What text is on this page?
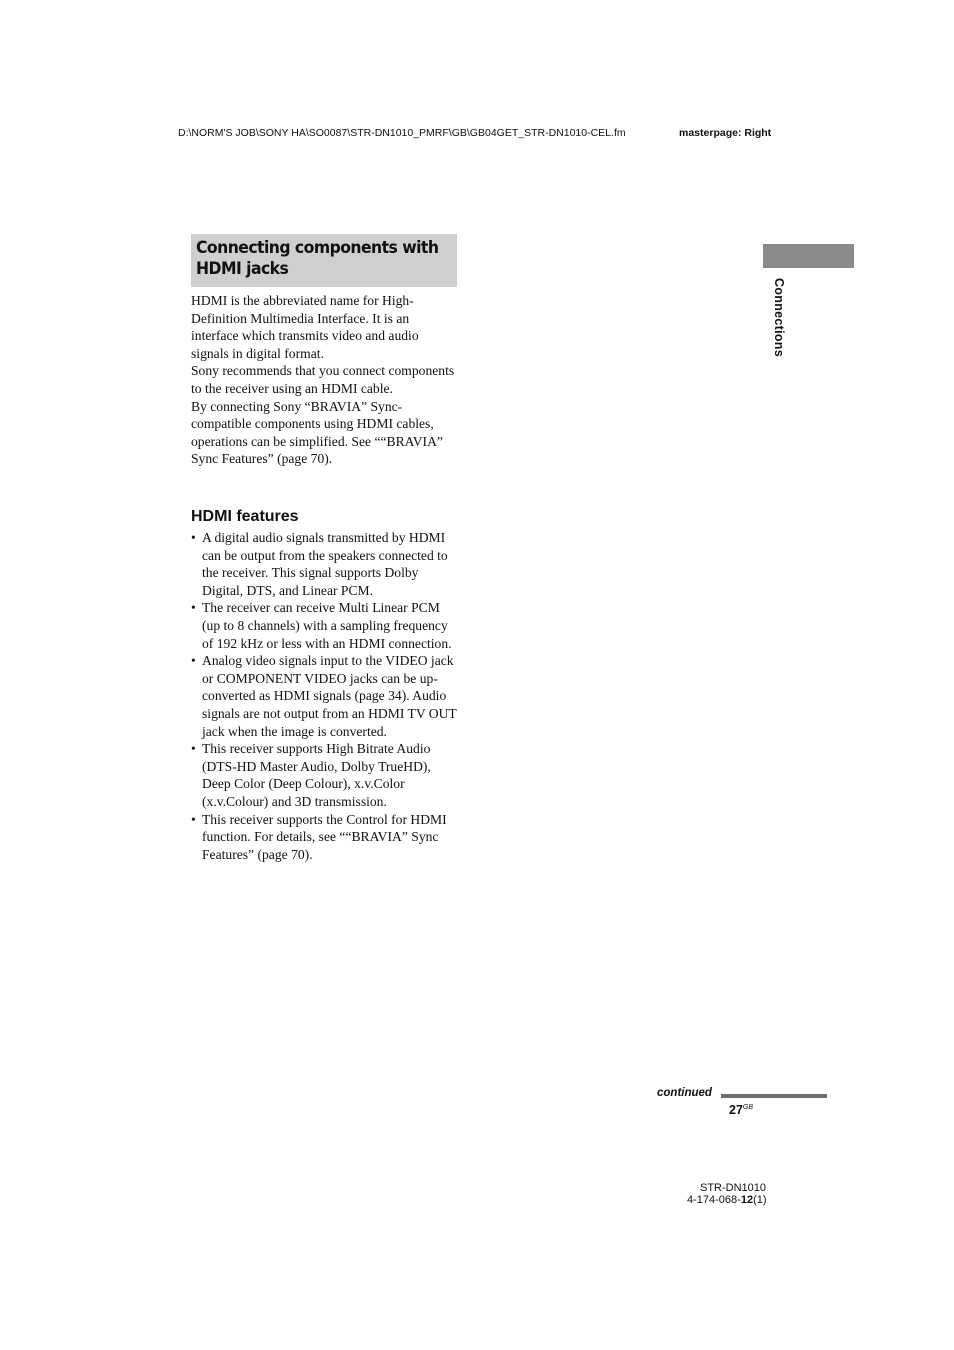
D:\NORM'S JOB\SONY HA\SO0087\STR-DN1010_PMRF\GB\GB04GET_STR-DN1010-CEL.fm	masterpage: Right
Connections
Connecting components with
HDMI jacks

HDMI is the abbreviated name for High-Definition Multimedia Interface. It is an interface which transmits video and audio signals in digital format.

Sony recommends that you connect components to the receiver using an HDMI cable.

By connecting Sony “BRAVIA” Sync-compatible components using HDMI cables, operations can be simplified. See ““BRAVIA” Sync Features” (page 70).

HDMI features
• A digital audio signals transmitted by HDMI can be output from the speakers connected to the receiver. This signal supports Dolby Digital, DTS, and Linear PCM.
• The receiver can receive Multi Linear PCM (up to 8 channels) with a sampling frequency of 192 kHz or less with an HDMI connection.
• Analog video signals input to the VIDEO jack or COMPONENT VIDEO jacks can be up-converted as HDMI signals (page 34). Audio signals are not output from an HDMI TV OUT jack when the image is converted.
• This receiver supports High Bitrate Audio (DTS-HD Master Audio, Dolby TrueHD), Deep Color (Deep Colour), x.v.Color (x.v.Colour) and 3D transmission.
• This receiver supports the Control for HDMI function. For details, see ““BRAVIA” Sync Features” (page 70).
continued
$27^{GB}$
STR-DN1010
4-174-068-12(1)
